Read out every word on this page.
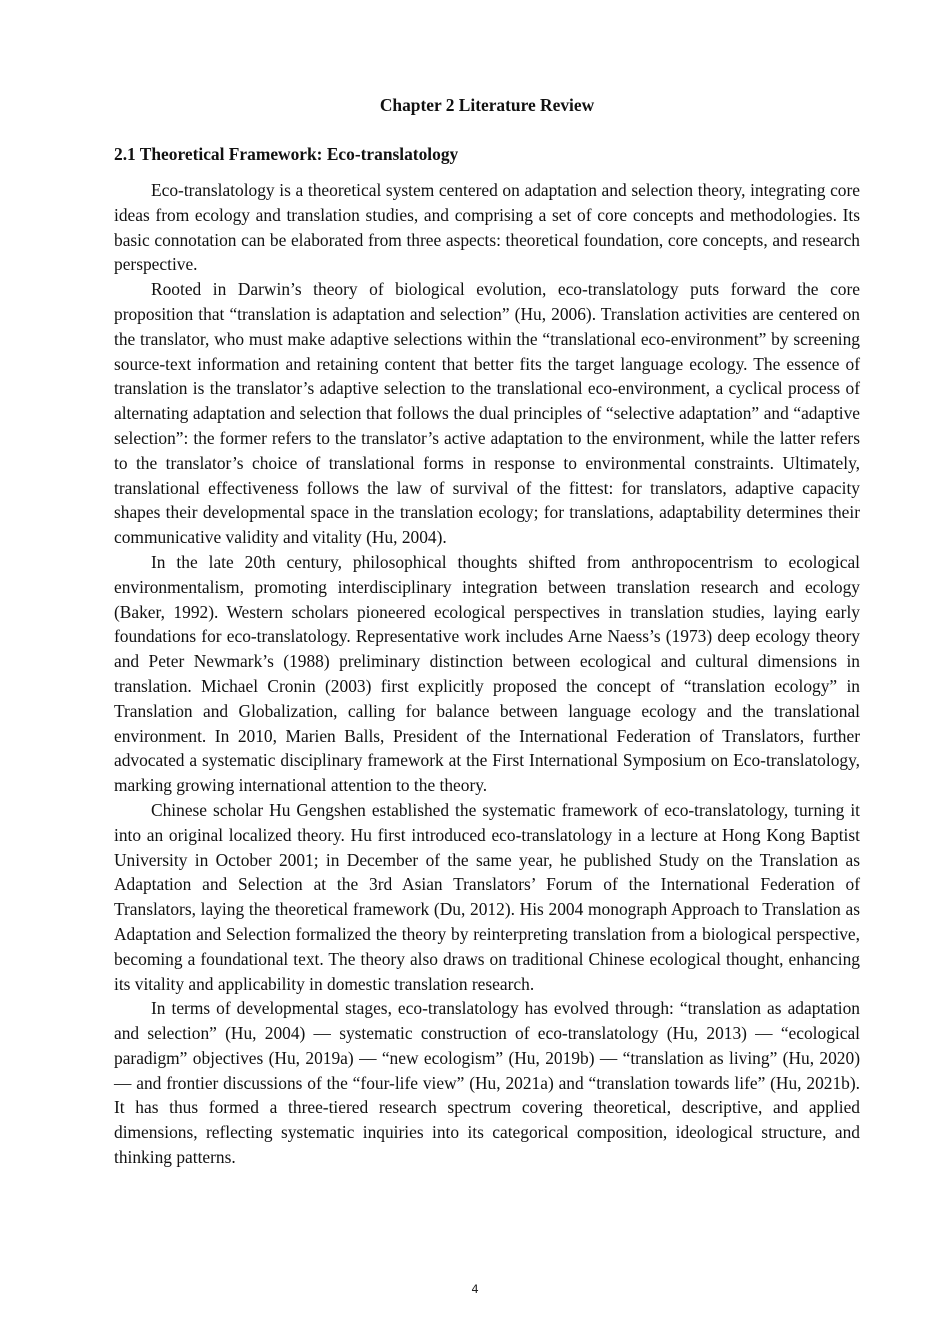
Chapter 2 Literature Review
2.1 Theoretical Framework: Eco-translatology

Eco-translatology is a theoretical system centered on adaptation and selection theory, integrating core ideas from ecology and translation studies, and comprising a set of core concepts and methodologies. Its basic connotation can be elaborated from three aspects: theoretical foundation, core concepts, and research perspective.

Rooted in Darwin’s theory of biological evolution, eco-translatology puts forward the core proposition that “translation is adaptation and selection” (Hu, 2006). Translation activities are centered on the translator, who must make adaptive selections within the “translational eco-environment” by screening source-text information and retaining content that better fits the target language ecology. The essence of translation is the translator’s adaptive selection to the translational eco-environment, a cyclical process of alternating adaptation and selection that follows the dual principles of “selective adaptation” and “adaptive selection”: the former refers to the translator’s active adaptation to the environment, while the latter refers to the translator’s choice of translational forms in response to environmental constraints. Ultimately, translational effectiveness follows the law of survival of the fittest: for translators, adaptive capacity shapes their developmental space in the translation ecology; for translations, adaptability determines their communicative validity and vitality (Hu, 2004).

In the late 20th century, philosophical thoughts shifted from anthropocentrism to ecological environmentalism, promoting interdisciplinary integration between translation research and ecology (Baker, 1992). Western scholars pioneered ecological perspectives in translation studies, laying early foundations for eco-translatology. Representative work includes Arne Naess’s (1973) deep ecology theory and Peter Newmark’s (1988) preliminary distinction between ecological and cultural dimensions in translation. Michael Cronin (2003) first explicitly proposed the concept of “translation ecology” in Translation and Globalization, calling for balance between language ecology and the translational environment. In 2010, Marien Balls, President of the International Federation of Translators, further advocated a systematic disciplinary framework at the First International Symposium on Eco-translatology, marking growing international attention to the theory.

Chinese scholar Hu Gengshen established the systematic framework of eco-translatology, turning it into an original localized theory. Hu first introduced eco-translatology in a lecture at Hong Kong Baptist University in October 2001; in December of the same year, he published Study on the Translation as Adaptation and Selection at the 3rd Asian Translators’ Forum of the International Federation of Translators, laying the theoretical framework (Du, 2012). His 2004 monograph Approach to Translation as Adaptation and Selection formalized the theory by reinterpreting translation from a biological perspective, becoming a foundational text. The theory also draws on traditional Chinese ecological thought, enhancing its vitality and applicability in domestic translation research.

In terms of developmental stages, eco-translatology has evolved through: “translation as adaptation and selection” (Hu, 2004) — systematic construction of eco-translatology (Hu, 2013) — “ecological paradigm” objectives (Hu, 2019a) — “new ecologism” (Hu, 2019b) — “translation as living” (Hu, 2020) — and frontier discussions of the “four-life view” (Hu, 2021a) and “translation towards life” (Hu, 2021b). It has thus formed a three-tiered research spectrum covering theoretical, descriptive, and applied dimensions, reflecting systematic inquiries into its categorical composition, ideological structure, and thinking patterns.

4
